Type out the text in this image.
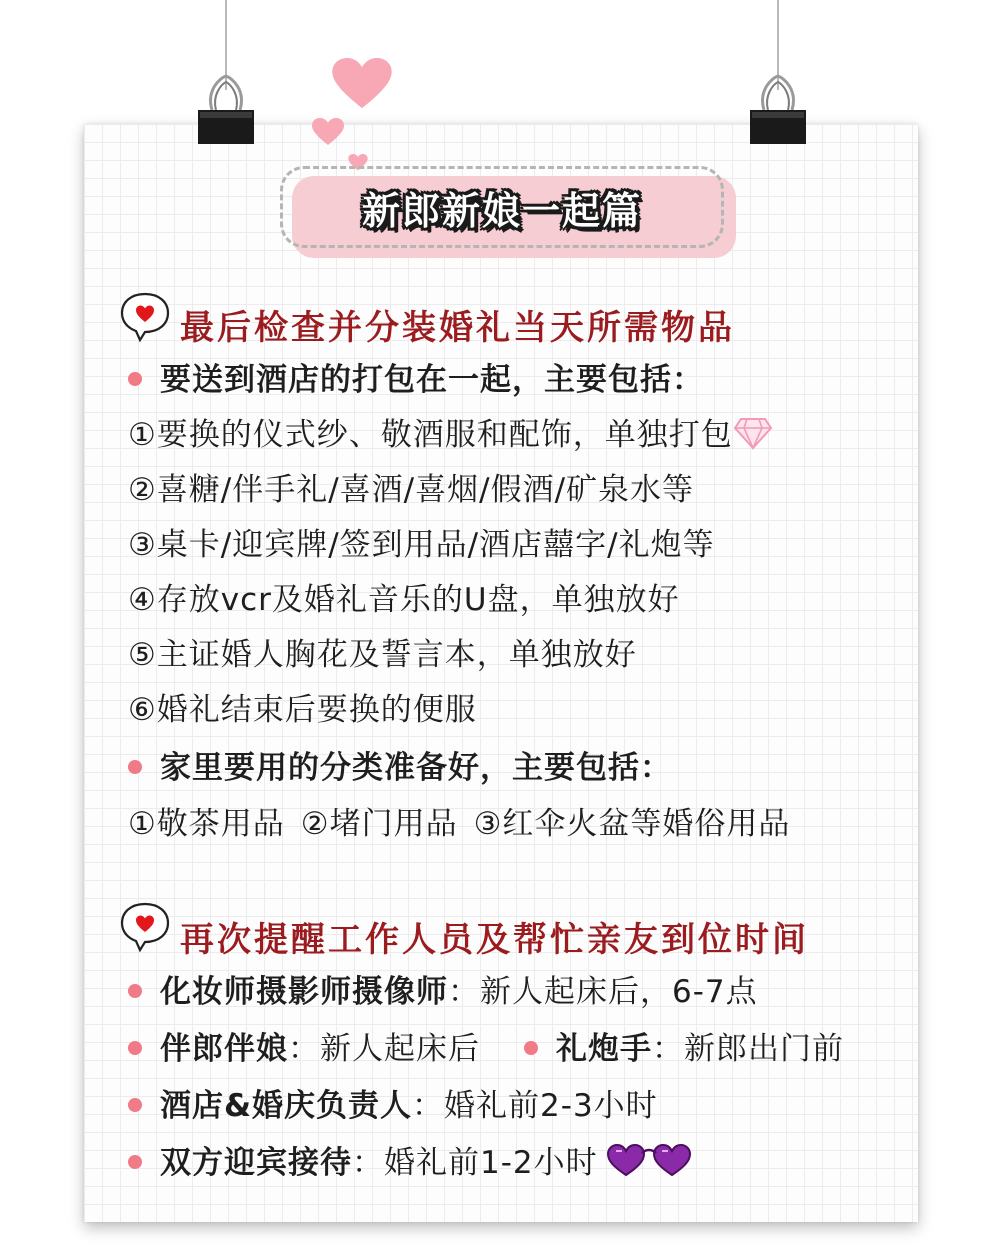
新郎新娘一起篇
最后检查并分装婚礼当天所需物品
要送到酒店的打包在一起，主要包括：
①要换的仪式纱、敬酒服和配饰，单独打包
②喜糖/伴手礼/喜酒/喜烟/假酒/矿泉水等
③桌卡/迎宾牌/签到用品/酒店囍字/礼炮等
④存放vcr及婚礼音乐的U盘，单独放好
⑤主证婚人胸花及誓言本，单独放好
⑥婚礼结束后要换的便服
家里要用的分类准备好，主要包括：
①敬茶用品 ②堵门用品 ③红伞火盆等婚俗用品
再次提醒工作人员及帮忙亲友到位时间
化妆师摄影师摄像师：新人起床后，6-7点
伴郎伴娘：新人起床后 礼炮手：新郎出门前
酒店&婚庆负责人：婚礼前2-3小时
双方迎宾接待：婚礼前1-2小时
